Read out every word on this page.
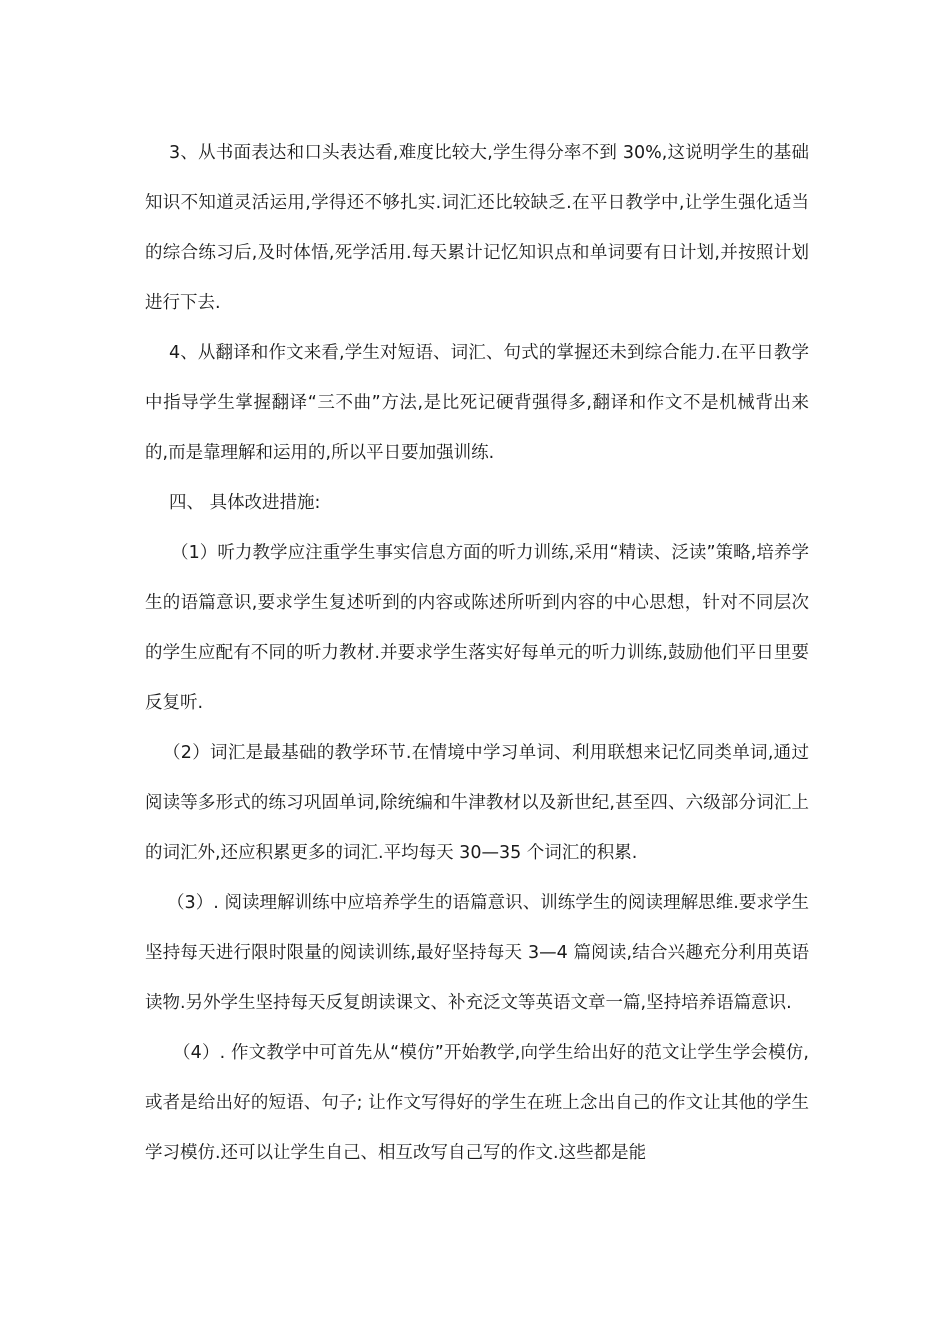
3、从书面表达和口头表达看,难度比较大,学生得分率不到 30%,这说明学生的基础知识不知道灵活运用,学得还不够扎实.词汇还比较缺乏.在平日教学中,让学生强化适当的综合练习后,及时体悟,死学活用.每天累计记忆知识点和单词要有日计划,并按照计划进行下去.

4、从翻译和作文来看,学生对短语、词汇、句式的掌握还未到综合能力.在平日教学中指导学生掌握翻译“三不曲”方法,是比死记硬背强得多,翻译和作文不是机械背出来的,而是靠理解和运用的,所以平日要加强训练.

四、 具体改进措施:

（1）听力教学应注重学生事实信息方面的听力训练,采用“精读、泛读”策略,培养学生的语篇意识,要求学生复述听到的内容或陈述所听到内容的中心思想，针对不同层次的学生应配有不同的听力教材.并要求学生落实好每单元的听力训练,鼓励他们平日里要反复听.

（2）词汇是最基础的教学环节.在情境中学习单词、利用联想来记忆同类单词,通过阅读等多形式的练习巩固单词,除统编和牛津教材以及新世纪,甚至四、六级部分词汇上的词汇外,还应积累更多的词汇.平均每天 30—35 个词汇的积累.

（3）. 阅读理解训练中应培养学生的语篇意识、训练学生的阅读理解思维.要求学生坚持每天进行限时限量的阅读训练,最好坚持每天 3—4 篇阅读,结合兴趣充分利用英语读物.另外学生坚持每天反复朗读课文、补充泛文等英语文章一篇,坚持培养语篇意识.

（4）. 作文教学中可首先从“模仿”开始教学,向学生给出好的范文让学生学会模仿,或者是给出好的短语、句子; 让作文写得好的学生在班上念出自己的作文让其他的学生学习模仿.还可以让学生自己、相互改写自己写的作文.这些都是能
